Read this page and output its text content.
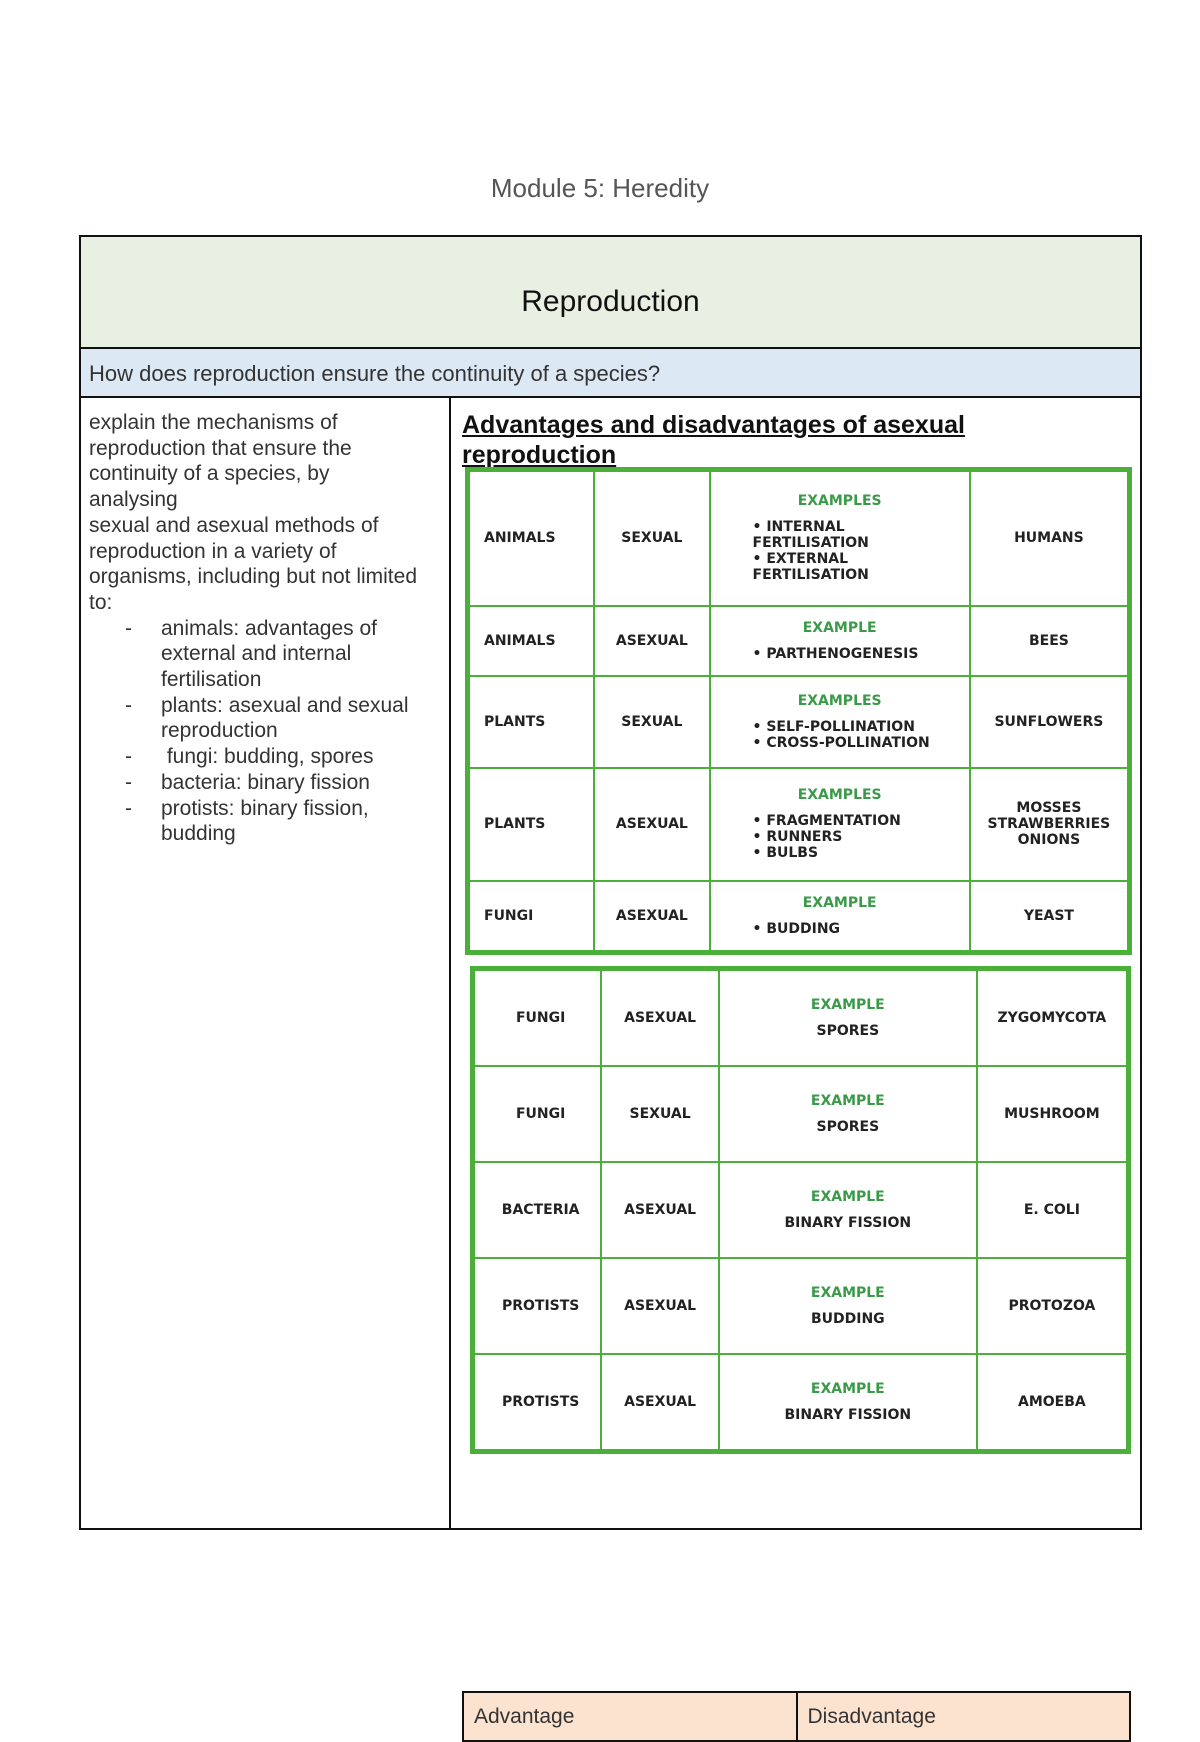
Module 5: Heredity
Reproduction
How does reproduction ensure the continuity of a species?
explain the mechanisms of
reproduction that ensure the
continuity of a species, by
analysing
sexual and asexual methods of
reproduction in a variety of
organisms, including but not limited
to:
- animals: advantages of external and internal fertilisation
- plants: asexual and sexual reproduction
-  fungi: budding, spores
- bacteria: binary fission
- protists: binary fission, budding
Advantages and disadvantages of asexual reproduction
ANIMALS	SEXUAL	EXAMPLES
• INTERNAL FERTILISATION
• EXTERNAL FERTILISATION	HUMANS
ANIMALS	ASEXUAL	EXAMPLE
• PARTHENOGENESIS	BEES
PLANTS	SEXUAL	EXAMPLES
• SELF-POLLINATION
• CROSS-POLLINATION	SUNFLOWERS
PLANTS	ASEXUAL	EXAMPLES
• FRAGMENTATION
• RUNNERS
• BULBS	MOSSES
STRAWBERRIES
ONIONS
FUNGI	ASEXUAL	EXAMPLE
• BUDDING	YEAST
FUNGI	ASEXUAL	EXAMPLE
SPORES	ZYGOMYCOTA
FUNGI	SEXUAL	EXAMPLE
SPORES	MUSHROOM
BACTERIA	ASEXUAL	EXAMPLE
BINARY FISSION	E. COLI
PROTISTS	ASEXUAL	EXAMPLE
BUDDING	PROTOZOA
PROTISTS	ASEXUAL	EXAMPLE
BINARY FISSION	AMOEBA
Advantage	Disadvantage
